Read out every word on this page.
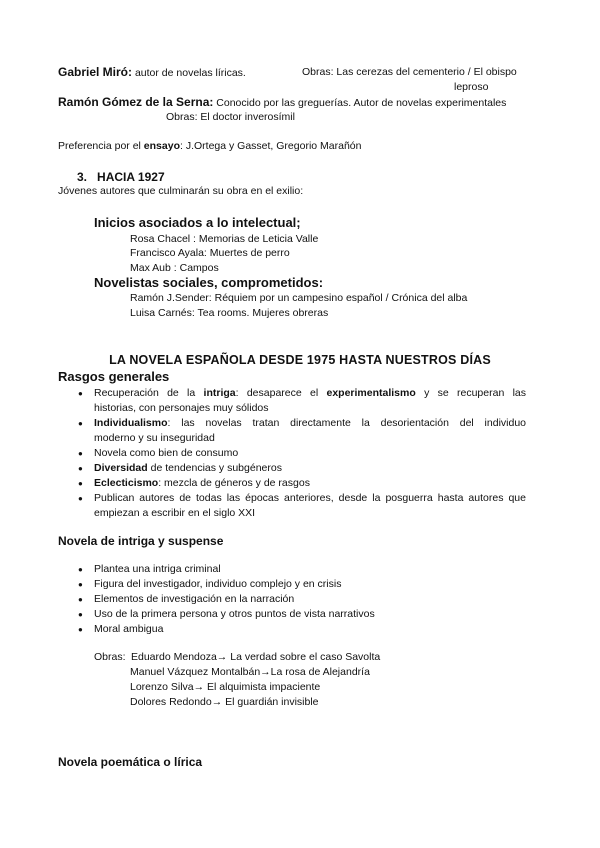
Gabriel Miró: autor de novelas líricas.	Obras: Las cerezas del cementerio / El obispo
leproso
Ramón Gómez de la Serna: Conocido por las greguerías. Autor de novelas experimentales
Obras: El doctor inverosímil
Preferencia por el ensayo: J.Ortega y Gasset, Gregorio Marañón
3. HACIA 1927
Jóvenes autores que culminarán su obra en el exilio:
Inicios asociados a lo intelectual;
Rosa Chacel : Memorias de Leticia Valle
Francisco Ayala: Muertes de perro
Max Aub : Campos
Novelistas sociales, comprometidos:
Ramón J.Sender: Réquiem por un campesino español / Crónica del alba
Luisa Carnés: Tea rooms. Mujeres obreras
LA NOVELA ESPAÑOLA DESDE 1975 HASTA NUESTROS DÍAS
Rasgos generales
● Recuperación de la intriga: desaparece el experimentalismo y se recuperan las
historias, con personajes muy sólidos
● Individualismo: las novelas tratan directamente la desorientación del individuo
moderno y su inseguridad
● Novela como bien de consumo
● Diversidad de tendencias y subgéneros
● Eclecticismo: mezcla de géneros y de rasgos
● Publican autores de todas las épocas anteriores, desde la posguerra hasta autores que
empiezan a escribir en el siglo XXI
Novela de intriga y suspense
● Plantea una intriga criminal
● Figura del investigador, individuo complejo y en crisis
● Elementos de investigación en la narración
● Uso de la primera persona y otros puntos de vista narrativos
● Moral ambigua
Obras: Eduardo Mendoza→ La verdad sobre el caso Savolta
Manuel Vázquez Montalbán→La rosa de Alejandría
Lorenzo Silva→ El alquimista impaciente
Dolores Redondo→ El guardián invisible
Novela poemática o lírica
